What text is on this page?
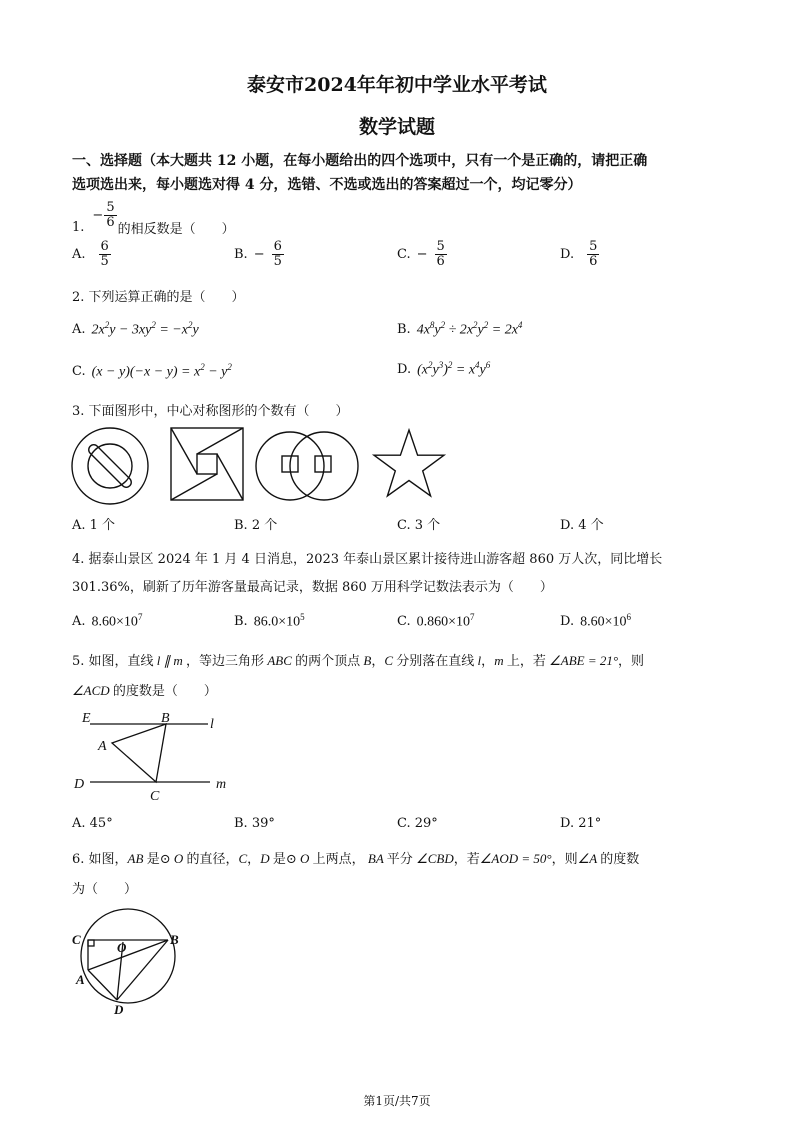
泰安市2024年年初中学业水平考试
数学试题
一、选择题（本大题共 12 小题，在每小题给出的四个选项中，只有一个是正确的，请把正确
选项选出来，每小题选对得 4 分，选错、不选或选出的答案超过一个，均记零分）
1.
− $\frac{5}{6}$ 的相反数是（　　）
A. $\frac{6}{5}$	B. − $\frac{6}{5}$	C. − $\frac{5}{6}$	D. $\frac{5}{6}$
2. 下列运算正确的是（　　）
A. $2x^2y - 3xy^2 = -x^2y$	B. $4x^8y^2 \div 2x^2y^2 = 2x^4$
C. $(x - y)(-x - y) = x^2 - y^2$	D. $(x^2y^3)^2 = x^4y^6$
3. 下面图形中，中心对称图形的个数有（　　）
A. 1 个	B. 2 个	C. 3 个	D. 4 个
4. 据泰山景区 2024 年 1 月 4 日消息，2023 年泰山景区累计接待进山游客超 860 万人次，同比增长
301.36%，刷新了历年游客量最高记录，数据 860 万用科学记数法表示为（　　）
A. $8.60\times 10^7$	B. $86.0\times 10^5$	C. $0.860\times 10^7$	D. $8.60\times 10^6$
5. 如图，直线 l ∥ m ，等边三角形 ABC 的两个顶点 B，C 分别落在直线 l，m 上，若 ∠ABE = 21°，则
∠ACD 的度数是（　　）
E	B	l
A
D
C
m
A. 45°	B. 39°	C. 29°	D. 21°
6. 如图，AB 是⊙ O 的直径，C，D 是⊙ O 上两点， BA 平分 ∠CBD，若∠AOD = 50°，则∠A 的度数
为（　　）
C
O
B
A
D
第1页/共7页
